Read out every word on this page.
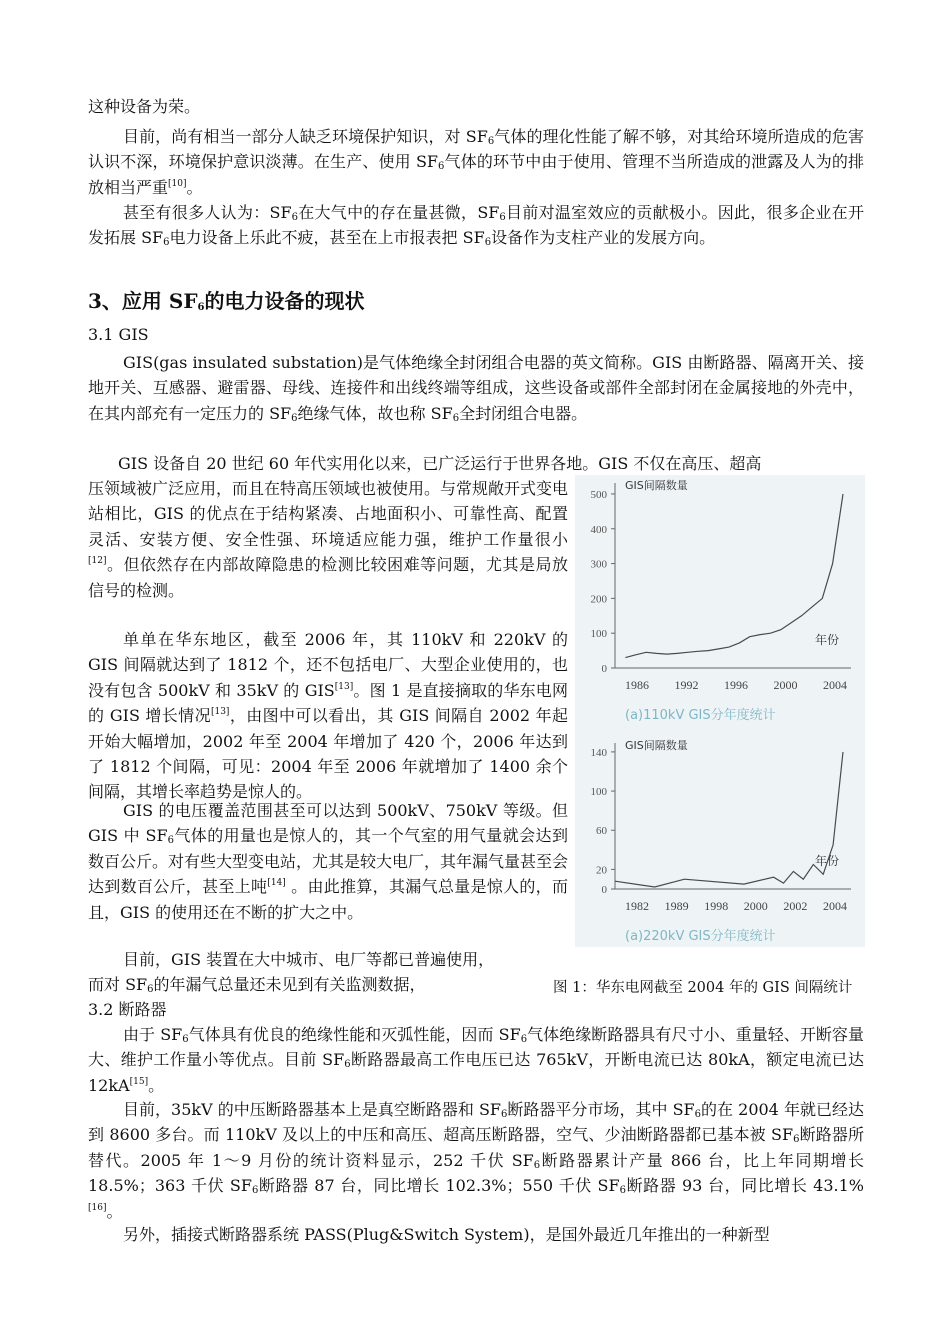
这种设备为荣。

目前，尚有相当一部分人缺乏环境保护知识，对 $SF_6$气体的理化性能了解不够，对其给环境所造成的危害认识不深，环境保护意识淡薄。在生产、使用 $SF_6$气体的环节中由于使用、管理不当所造成的泄露及人为的排放相当严重[10]。

甚至有很多人认为：$SF_6$在大气中的存在量甚微，$SF_6$目前对温室效应的贡献极小。因此，很多企业在开发拓展 $SF_6$电力设备上乐此不疲，甚至在上市报表把 $SF_6$设备作为支柱产业的发展方向。

3、应用 $SF_6$的电力设备的现状

3.1 GIS

GIS(gas insulated substation)是气体绝缘全封闭组合电器的英文简称。GIS 由断路器、隔离开关、接地开关、互感器、避雷器、母线、连接件和出线终端等组成，这些设备或部件全部封闭在金属接地的外壳中，在其内部充有一定压力的 $SF_6$绝缘气体，故也称 $SF_6$全封闭组合电器。

GIS 设备自 20 世纪 60 年代实用化以来，已广泛运行于世界各地。GIS 不仅在高压、超高

压领域被广泛应用，而且在特高压领域也被使用。与常规敞开式变电站相比，GIS 的优点在于结构紧凑、占地面积小、可靠性高、配置灵活、安装方便、安全性强、环境适应能力强，维护工作量很小 [12]。但依然存在内部故障隐患的检测比较困难等问题，尤其是局放信号的检测。

单单在华东地区，截至 2006 年，其 110kV 和 220kV 的 GIS 间隔就达到了 1812 个，还不包括电厂、大型企业使用的，也没有包含 500kV 和 35kV 的 GIS[13]。图 1 是直接摘取的华东电网的 GIS 增长情况[13]，由图中可以看出，其 GIS 间隔自 2002 年起开始大幅增加，2002 年至 2004 年增加了 420 个，2006 年达到了 1812 个间隔，可见：2004 年至 2006 年就增加了 1400 余个间隔，其增长率趋势是惊人的。

GIS 的电压覆盖范围甚至可以达到 500kV、750kV 等级。但 GIS 中 $SF_6$气体的用量也是惊人的，其一个气室的用气量就会达到数百公斤。对有些大型变电站，尤其是较大电厂，其年漏气量甚至会达到数百公斤，甚至上吨[14] 。由此推算，其漏气总量是惊人的，而且，GIS 的使用还在不断的扩大之中。

目前，GIS 装置在大中城市、电厂等都已普遍使用，

而对 $SF_6$的年漏气总量还未见到有关监测数据，

3.2 断路器

由于 $SF_6$气体具有优良的绝缘性能和灭弧性能，因而 $SF_6$气体绝缘断路器具有尺寸小、重量轻、开断容量大、维护工作量小等优点。目前 $SF_6$断路器最高工作电压已达 765kV，开断电流已达 80kA，额定电流已达 12kA[15]。

目前，35kV 的中压断路器基本上是真空断路器和 $SF_6$断路器平分市场，其中 $SF_6$的在 2004 年就已经达到 8600 多台。而 110kV 及以上的中压和高压、超高压断路器，空气、少油断路器都已基本被 $SF_6$断路器所替代。2005 年 1～9 月份的统计资料显示，252 千伏 $SF_6$断路器累计产量 866 台，比上年同期增长 18.5%；363 千伏 $SF_6$断路器 87 台，同比增长 102.3%；550 千伏 $SF_6$断路器 93 台，同比增长 43.1%[16]。

另外，插接式断路器系统 PASS(Plug&Switch System)，是国外最近几年推出的一种新型

0
100
200
300
400
500
1986 1992 1996 2000 2004
GIS间隔数量
年份
(a)110kV GIS分年度统计
0
20
60
100
140
1982 1989 1998 2000 2002 2004
GIS间隔数量
年份
(a)220kV GIS分年度统计

图 1：华东电网截至 2004 年的 GIS 间隔统计
